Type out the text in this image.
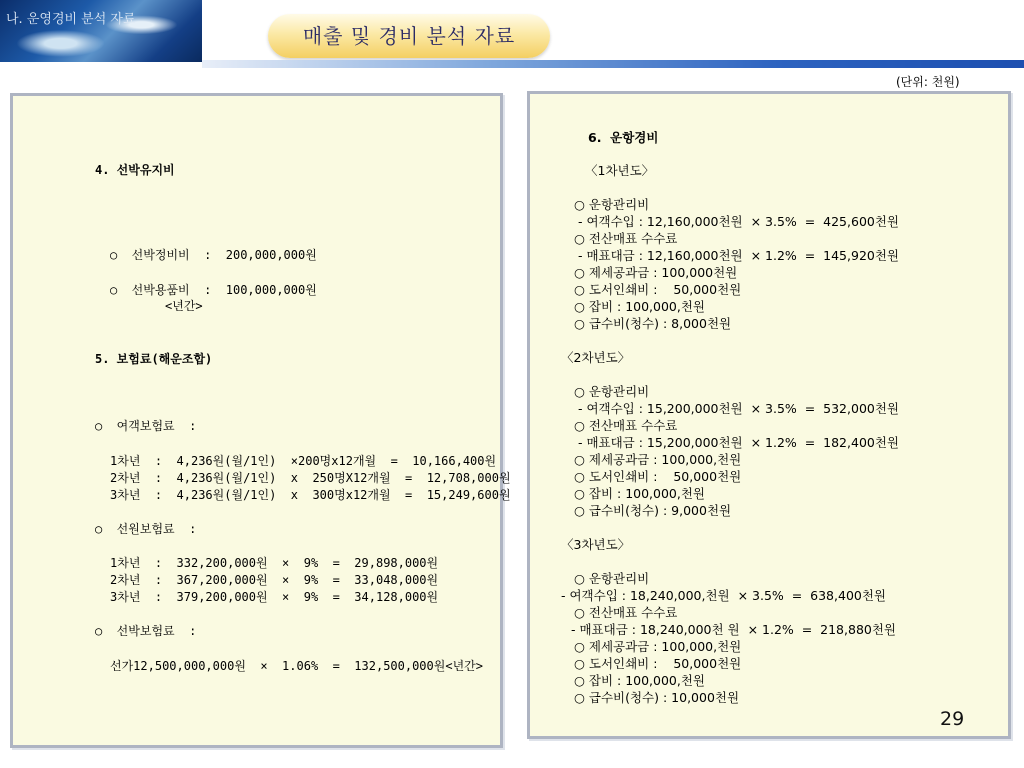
나. 운영경비 분석 자료
매출 및 경비 분석 자료
(단위: 천원)
4. 선박유지비
○  선박정비비  :  200,000,000원
○  선박용품비  :  100,000,000원
<년간>
5. 보험료(해운조합)
○  여객보험료  :
1차년  :  4,236원(월/1인)  ×200명x12개월  =  10,166,400원
2차년  :  4,236원(월/1인)  x  250명X12개월  =  12,708,000원
3차년  :  4,236원(월/1인)  x  300명x12개월  =  15,249,600원
○  선원보험료  :
1차년  :  332,200,000원  ×  9%  =  29,898,000원
2차년  :  367,200,000원  ×  9%  =  33,048,000원
3차년  :  379,200,000원  ×  9%  =  34,128,000원
○  선박보험료  :
선가12,500,000,000원  ×  1.06%  =  132,500,000원<년간>
6.  운항경비
〈1차년도〉
○ 운항관리비
- 여객수입 : 12,160,000천원  × 3.5%  =  425,600천원
○ 전산매표 수수료
- 매표대금 : 12,160,000천원  × 1.2%  =  145,920천원
○ 제세공과금 : 100,000천원
○ 도서인쇄비 :    50,000천원
○ 잡비 : 100,000,천원
○ 급수비(청수) : 8,000천원
〈2차년도〉
○ 운항관리비
- 여객수입 : 15,200,000천원  × 3.5%  =  532,000천원
○ 전산매표 수수료
- 매표대금 : 15,200,000천원  × 1.2%  =  182,400천원
○ 제세공과금 : 100,000,천원
○ 도서인쇄비 :    50,000천원
○ 잡비 : 100,000,천원
○ 급수비(청수) : 9,000천원
〈3차년도〉
○ 운항관리비
- 여객수입 : 18,240,000,천원  × 3.5%  =  638,400천원
○ 전산매표 수수료
- 매표대금 : 18,240,000천 원  × 1.2%  =  218,880천원
○ 제세공과금 : 100,000,천원
○ 도서인쇄비 :    50,000천원
○ 잡비 : 100,000,천원
○ 급수비(청수) : 10,000천원
29
